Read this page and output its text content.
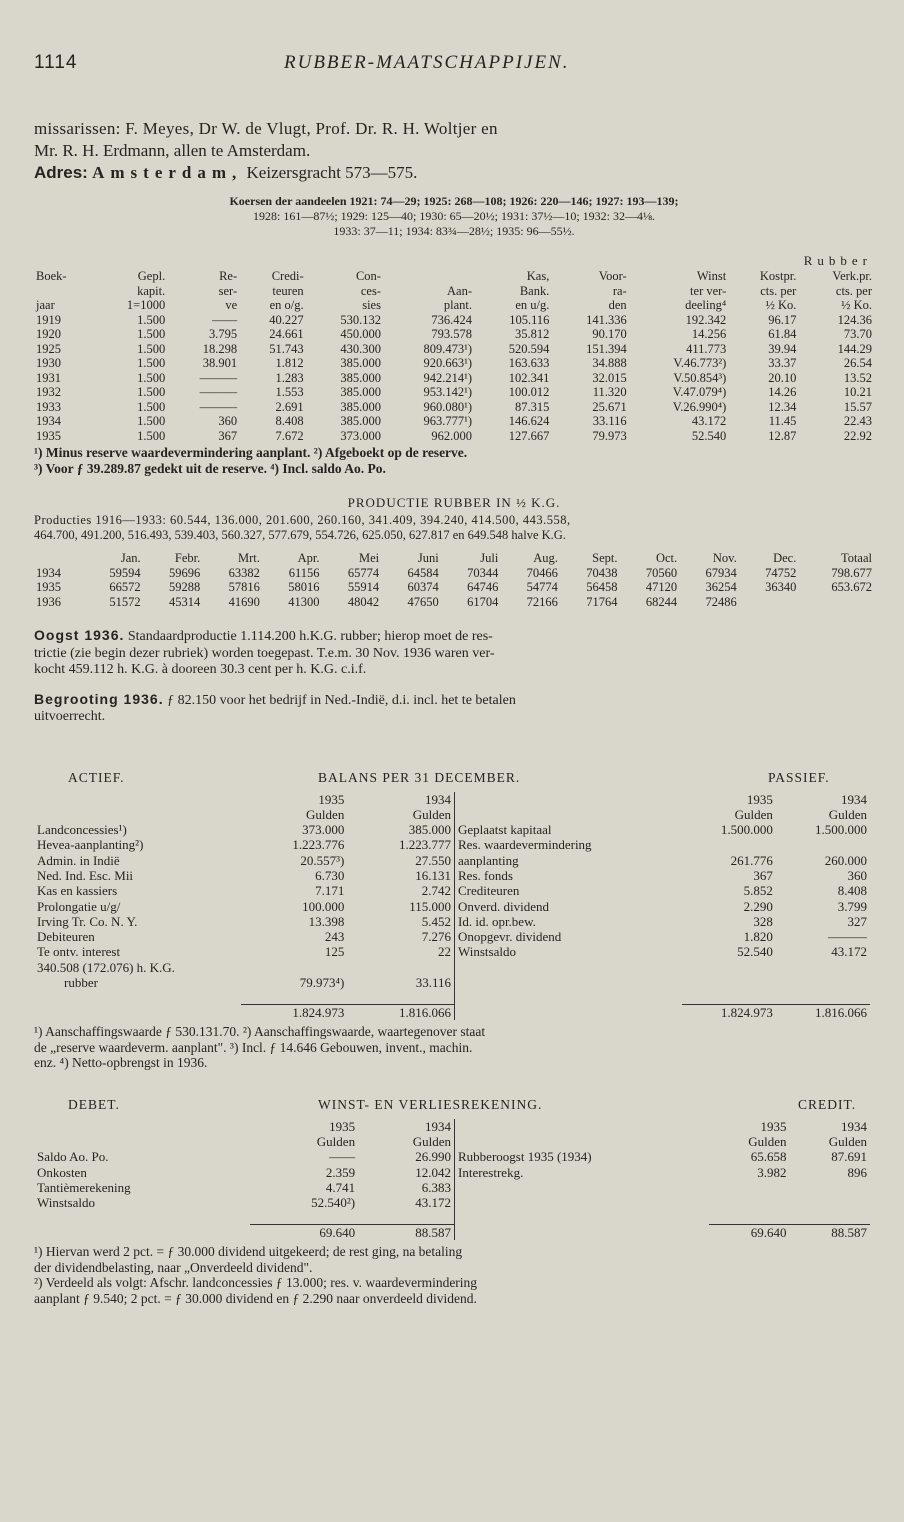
1114	RUBBER-MAATSCHAPPIJEN.

missarissen: F. Meyes, Dr W. de Vlugt, Prof. Dr. R. H. Woltjer en

Mr. R. H. Erdmann, allen te Amsterdam.

Adres: Amsterdam, Keizersgracht 573—575.

Koersen der aandeelen 1921: 74—29; 1925: 268—108; 1926: 220—146; 1927: 193—139;
1928: 161—87½; 1929: 125—40; 1930: 65—20½; 1931: 37½—10; 1932: 32—4⅛.
1933: 37—11; 1934: 83¾—28½; 1935: 96—55½.
Rubber
Boek-	Gepl.	Re-	Credi-	Con-		Kas,	Voor-	Winst	Kostpr.	Verk.pr.
	kapit.	ser-	teuren	ces-	Aan-	Bank.	ra-	ter ver-	cts. per	cts. per
jaar	1=1000	ve	en o/g.	sies	plant.	en u/g.	den	deeling⁴	½ Ko.	½ Ko.
1919	1.500	——	40.227	530.132	736.424	105.116	141.336	192.342	96.17	124.36
1920	1.500	3.795	24.661	450.000	793.578	35.812	90.170	14.256	61.84	73.70
1925	1.500	18.298	51.743	430.300	809.473¹)	520.594	151.394	411.773	39.94	144.29
1930	1.500	38.901	1.812	385.000	920.663¹)	163.633	34.888	V.46.773²)	33.37	26.54
1931	1.500	———	1.283	385.000	942.214¹)	102.341	32.015	V.50.854³)	20.10	13.52
1932	1.500	———	1.553	385.000	953.142¹)	100.012	11.320	V.47.079⁴)	14.26	10.21
1933	1.500	———	2.691	385.000	960.080¹)	87.315	25.671	V.26.990⁴)	12.34	15.57
1934	1.500	360	8.408	385.000	963.777¹)	146.624	33.116	43.172	11.45	22.43
1935	1.500	367	7.672	373.000	962.000	127.667	79.973	52.540	12.87	22.92
¹) Minus reserve waardevermindering aanplant. ²) Afgeboekt op de reserve.
³) Voor ƒ 39.289.87 gedekt uit de reserve. ⁴) Incl. saldo Ao. Po.
PRODUCTIE RUBBER IN ½ K.G.
Producties 1916—1933: 60.544, 136.000, 201.600, 260.160, 341.409, 394.240, 414.500, 443.558,
464.700, 491.200, 516.493, 539.403, 560.327, 577.679, 554.726, 625.050, 627.817 en 649.548 halve K.G.
	Jan.	Febr.	Mrt.	Apr.	Mei	Juni	Juli	Aug.	Sept.	Oct.	Nov.	Dec.	Totaal
1934	59594	59696	63382	61156	65774	64584	70344	70466	70438	70560	67934	74752	798.677
1935	66572	59288	57816	58016	55914	60374	64746	54774	56458	47120	36254	36340	653.672
1936	51572	45314	41690	41300	48042	47650	61704	72166	71764	68244	72486		
Oogst 1936. Standaardproductie 1.114.200 h.K.G. rubber; hierop moet de res-
trictie (zie begin dezer rubriek) worden toegepast. T.e.m. 30 Nov. 1936 waren ver-
kocht 459.112 h. K.G. à dooreen 30.3 cent per h. K.G. c.i.f.
Begrooting 1936. ƒ 82.150 voor het bedrijf in Ned.-Indië, d.i. incl. het te betalen
uitvoerrecht.
ACTIEF.	BALANS PER 31 DECEMBER.	PASSIEF.
	1935	1934
	Gulden	Gulden
Landconcessies¹)	373.000	385.000
Hevea-aanplanting²)	1.223.776	1.223.777
Admin. in Indië	20.557³)	27.550
Ned. Ind. Esc. Mii	6.730	16.131
Kas en kassiers	7.171	2.742
Prolongatie u/g/	100.000	115.000
Irving Tr. Co. N. Y.	13.398	5.452
Debiteuren	243	7.276
Te ontv. interest	125	22
340.508 (172.076) h. K.G.		
rubber	79.973⁴)	33.116

	1.824.973	1.816.066
	1935	1934
	Gulden	Gulden
Geplaatst kapitaal	1.500.000	1.500.000
Res. waardevermindering		
aanplanting	261.776	260.000
Res. fonds	367	360
Crediteuren	5.852	8.408
Onverd. dividend	2.290	3.799
Id. id. opr.bew.	328	327
Onopgevr. dividend	1.820	———
Winstsaldo	52.540	43.172

	1.824.973	1.816.066
¹) Aanschaffingswaarde ƒ 530.131.70. ²) Aanschaffingswaarde, waartegenover staat
de „reserve waardeverm. aanplant". ³) Incl. ƒ 14.646 Gebouwen, invent., machin.
enz. ⁴) Netto-opbrengst in 1936.
DEBET.	WINST- EN VERLIESREKENING.	CREDIT.
	1935	1934
	Gulden	Gulden
Saldo Ao. Po.	——	26.990
Onkosten	2.359	12.042
Tantièmerekening	4.741	6.383
Winstsaldo	52.540²)	43.172

	69.640	88.587
	1935	1934
	Gulden	Gulden
Rubberoogst 1935 (1934)	65.658	87.691
Interestrekg.	3.982	896

	69.640	88.587
¹) Hiervan werd 2 pct. = ƒ 30.000 dividend uitgekeerd; de rest ging, na betaling
der dividendbelasting, naar „Onverdeeld dividend".
²) Verdeeld als volgt: Afschr. landconcessies ƒ 13.000; res. v. waardevermindering
aanplant ƒ 9.540; 2 pct. = ƒ 30.000 dividend en ƒ 2.290 naar onverdeeld dividend.
